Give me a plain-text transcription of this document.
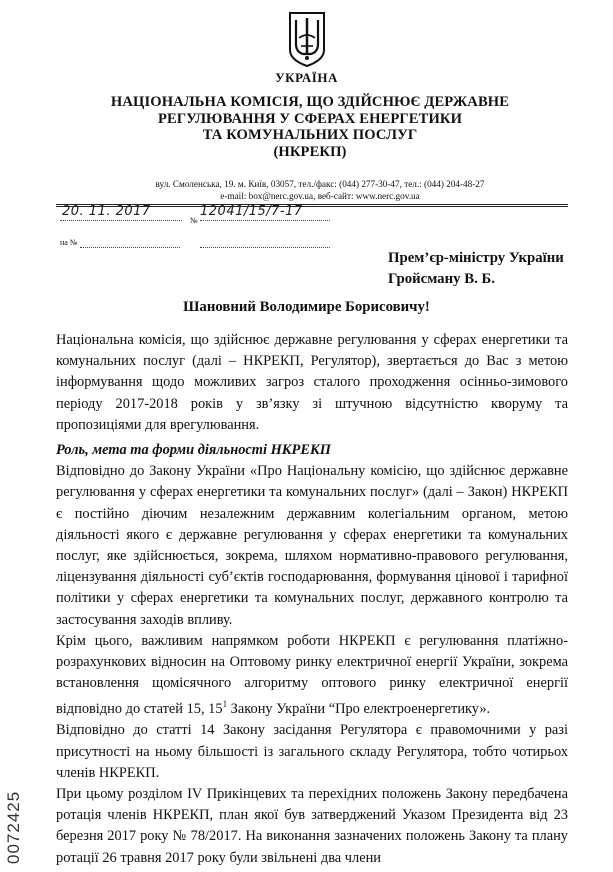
УКРАЇНА
НАЦІОНАЛЬНА КОМІСІЯ, ЩО ЗДІЙСНЮЄ ДЕРЖАВНЕ
РЕГУЛЮВАННЯ У СФЕРАХ ЕНЕРГЕТИКИ
ТА КОМУНАЛЬНИХ ПОСЛУГ
(НКРЕКП)
вул. Смоленська, 19. м. Київ, 03057, тел./факс: (044) 277-30-47, тел.: (044) 204-48-27
e-mail: box@nerc.gov.ua, веб-сайт: www.nerc.gov.ua
20. 11. 2017
№
12041/15/7-17
на №
Прем’єр-міністру України
Гройсману В. Б.
Шановний Володимире Борисовичу!
Національна комісія, що здійснює державне регулювання у сферах енергетики та комунальних послуг (далі – НКРЕКП, Регулятор), звертається до Вас з метою інформування щодо можливих загроз сталого проходження осінньо-зимового періоду 2017-2018 років у зв’язку зі штучною відсутністю кворуму та пропозиціями для врегулювання.

Роль, мета та форми діяльності НКРЕКП

Відповідно до Закону України «Про Національну комісію, що здійснює державне регулювання у сферах енергетики та комунальних послуг» (далі – Закон) НКРЕКП є постійно діючим незалежним державним колегіальним органом, метою діяльності якого є державне регулювання у сферах енергетики та комунальних послуг, яке здійснюється, зокрема, шляхом нормативно-правового регулювання, ліцензування діяльності суб’єктів господарювання, формування цінової і тарифної політики у сферах енергетики та комунальних послуг, державного контролю та застосування заходів впливу.

Крім цього, важливим напрямком роботи НКРЕКП є регулювання платіжно-розрахункових відносин на Оптовому ринку електричної енергії України, зокрема встановлення щомісячного алгоритму оптового ринку електричної енергії відповідно до статей 15, $15^1$ Закону України “Про електроенергетику».

Відповідно до статті 14 Закону засідання Регулятора є правомочними у разі присутності на ньому більшості із загального складу Регулятора, тобто чотирьох членів НКРЕКП.

При цьому розділом IV Прикінцевих та перехідних положень Закону передбачена ротація членів НКРЕКП, план якої був затверджений Указом Президента від 23 березня 2017 року № 78/2017. На виконання зазначених положень Закону та плану ротації 26 травня 2017 року були звільнені два члени

0072425
